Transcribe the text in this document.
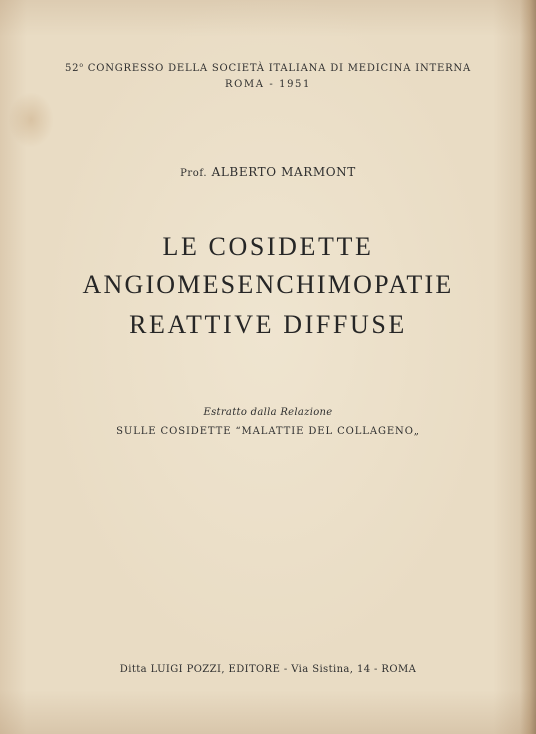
52$^o$ CONGRESSO DELLA SOCIETÀ ITALIANA DI MEDICINA INTERNA
ROMA - 1951
Prof. ALBERTO MARMONT
LE COSIDETTE
ANGIOMESENCHIMOPATIE
REATTIVE DIFFUSE
Estratto dalla Relazione
SULLE COSIDETTE “MALATTIE DEL COLLAGENO„
Ditta LUIGI POZZI, EDITORE - Via Sistina, 14 - ROMA
